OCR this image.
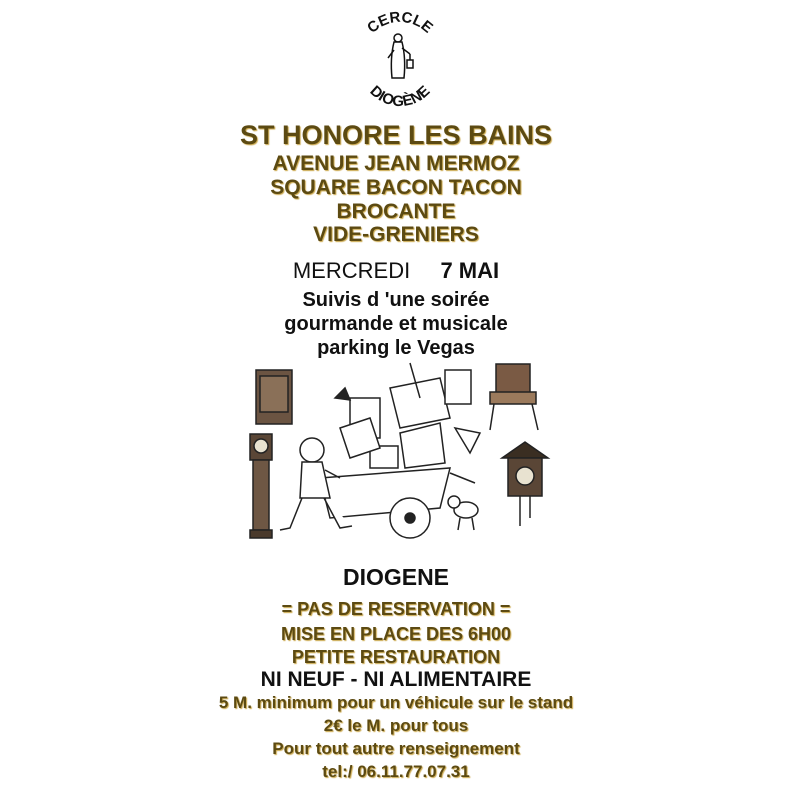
CERCLE
DIOGÈNE
ST HONORE LES BAINS
AVENUE JEAN MERMOZ
SQUARE BACON TACON
BROCANTE
VIDE-GRENIERS
MERCREDI 7 MAI
Suivis d 'une soirée
gourmande et musicale
parking le Vegas
DIOGENE
= PAS DE RESERVATION =
MISE EN PLACE DES 6H00
PETITE RESTAURATION
NI NEUF - NI ALIMENTAIRE
5 M. minimum pour un véhicule sur le stand
2€ le M. pour tous
Pour tout autre renseignement
tel:/ 06.11.77.07.31
